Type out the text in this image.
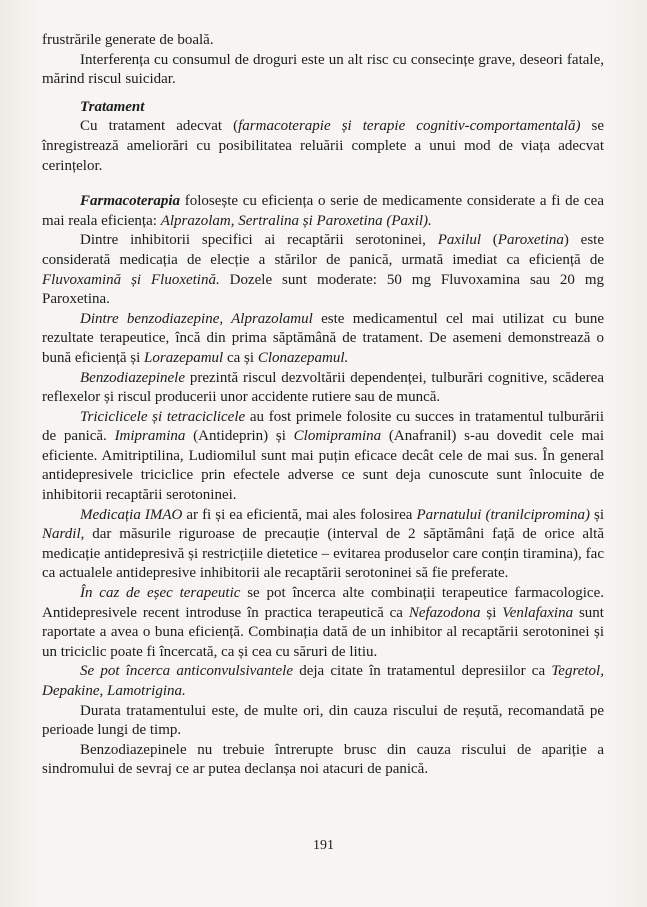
frustrările generate de boală.

Interferența cu consumul de droguri este un alt risc cu consecințe grave, deseori fatale, mărind riscul suicidar.

Tratament

Cu tratament adecvat (farmacoterapie și terapie cognitiv-comportamentală) se înregistrează ameliorări cu posibilitatea reluării complete a unui mod de viața adecvat cerințelor.

Farmacoterapia folosește cu eficiența o serie de medicamente considerate a fi de cea mai reala eficiența: Alprazolam, Sertralina și Paroxetina (Paxil).

Dintre inhibitorii specifici ai recaptării serotoninei, Paxilul (Paroxetina) este considerată medicația de elecție a stărilor de panică, urmată imediat ca eficiență de Fluvoxamină și Fluoxetină. Dozele sunt moderate: 50 mg Fluvoxamina sau 20 mg Paroxetina.

Dintre benzodiazepine, Alprazolamul este medicamentul cel mai utilizat cu bune rezultate terapeutice, încă din prima săptămână de tratament. De asemeni demonstrează o bună eficiență și Lorazepamul ca și Clonazepamul.

Benzodiazepinele prezintă riscul dezvoltării dependenței, tulburări cognitive, scăderea reflexelor și riscul producerii unor accidente rutiere sau de muncă.

Triciclicele și tetraciclicele au fost primele folosite cu succes in tratamentul tulburării de panică. Imipramina (Antideprin) și Clomipramina (Anafranil) s-au dovedit cele mai eficiente. Amitriptilina, Ludiomilul sunt mai puțin eficace decât cele de mai sus. În general antidepresivele triciclice prin efectele adverse ce sunt deja cunoscute sunt înlocuite de inhibitorii recaptării serotoninei.

Medicația IMAO ar fi și ea eficientă, mai ales folosirea Parnatului (tranilcipromina) și Nardil, dar măsurile riguroase de precauție (interval de 2 săptămâni față de orice altă medicație antidepresivă și restricțiile dietetice – evitarea produselor care conțin tiramina), fac ca actualele antidepresive inhibitorii ale recaptării serotoninei să fie preferate.

În caz de eșec terapeutic se pot încerca alte combinații terapeutice farmacologice. Antidepresivele recent introduse în practica terapeutică ca Nefazodona și Venlafaxina sunt raportate a avea o buna eficiență. Combinația dată de un inhibitor al recaptării serotoninei și un triciclic poate fi încercată, ca și cea cu săruri de litiu.

Se pot încerca anticonvulsivantele deja citate în tratamentul depresiilor ca Tegretol, Depakine, Lamotrigina.

Durata tratamentului este, de multe ori, din cauza riscului de reșută, recomandată pe perioade lungi de timp.

Benzodiazepinele nu trebuie întrerupte brusc din cauza riscului de apariție a sindromului de sevraj ce ar putea declanșa noi atacuri de panică.

191
